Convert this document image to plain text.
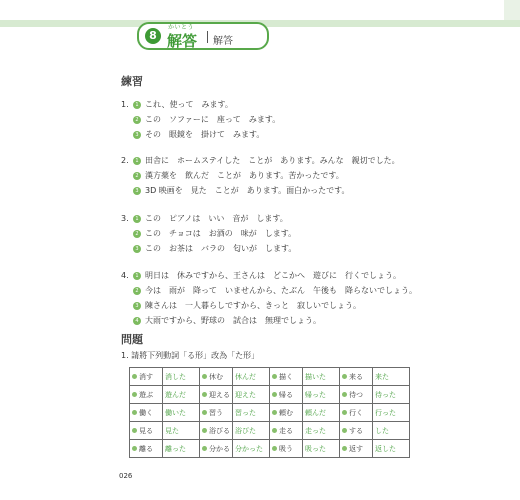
8
かいとう
解答 解答
練習
1.	1 これ、使って　みます。
2 この　ソファーに　座って　みます。
3 その　眼鏡を　掛けて　みます。
2.	1 田舎に　ホームステイした　ことが　あります。みんな　親切でした。
2 漢方薬を　飲んだ　ことが　あります。苦かったです。
3 3D 映画を　見た　ことが　あります。面白かったです。
3.	1 この　ピアノは　いい　音が　します。
2 この　チョコは　お酒の　味が　します。
3 この　お茶は　バラの　匂いが　します。
4.	1 明日は　休みですから、王さんは　どこかへ　遊びに　行くでしょう。
2 今は　雨が　降って　いませんから、たぶん　午後も　降らないでしょう。
3 陳さんは　一人暮らしですから、きっと　寂しいでしょう。
4 大雨ですから、野球の　試合は　無理でしょう。
問題
1. 請將下列動詞「る形」改為「た形」
消す	消した	休む	休んだ	描く	描いた	来る	来た
遊ぶ	遊んだ	迎える	迎えた	帰る	帰った	待つ	待った
働く	働いた	習う	習った	頼む	頼んだ	行く	行った
見る	見た	浴びる	浴びた	走る	走った	する	した
離る	離った	分かる	分かった	吸う	吸った	返す	返した
026
